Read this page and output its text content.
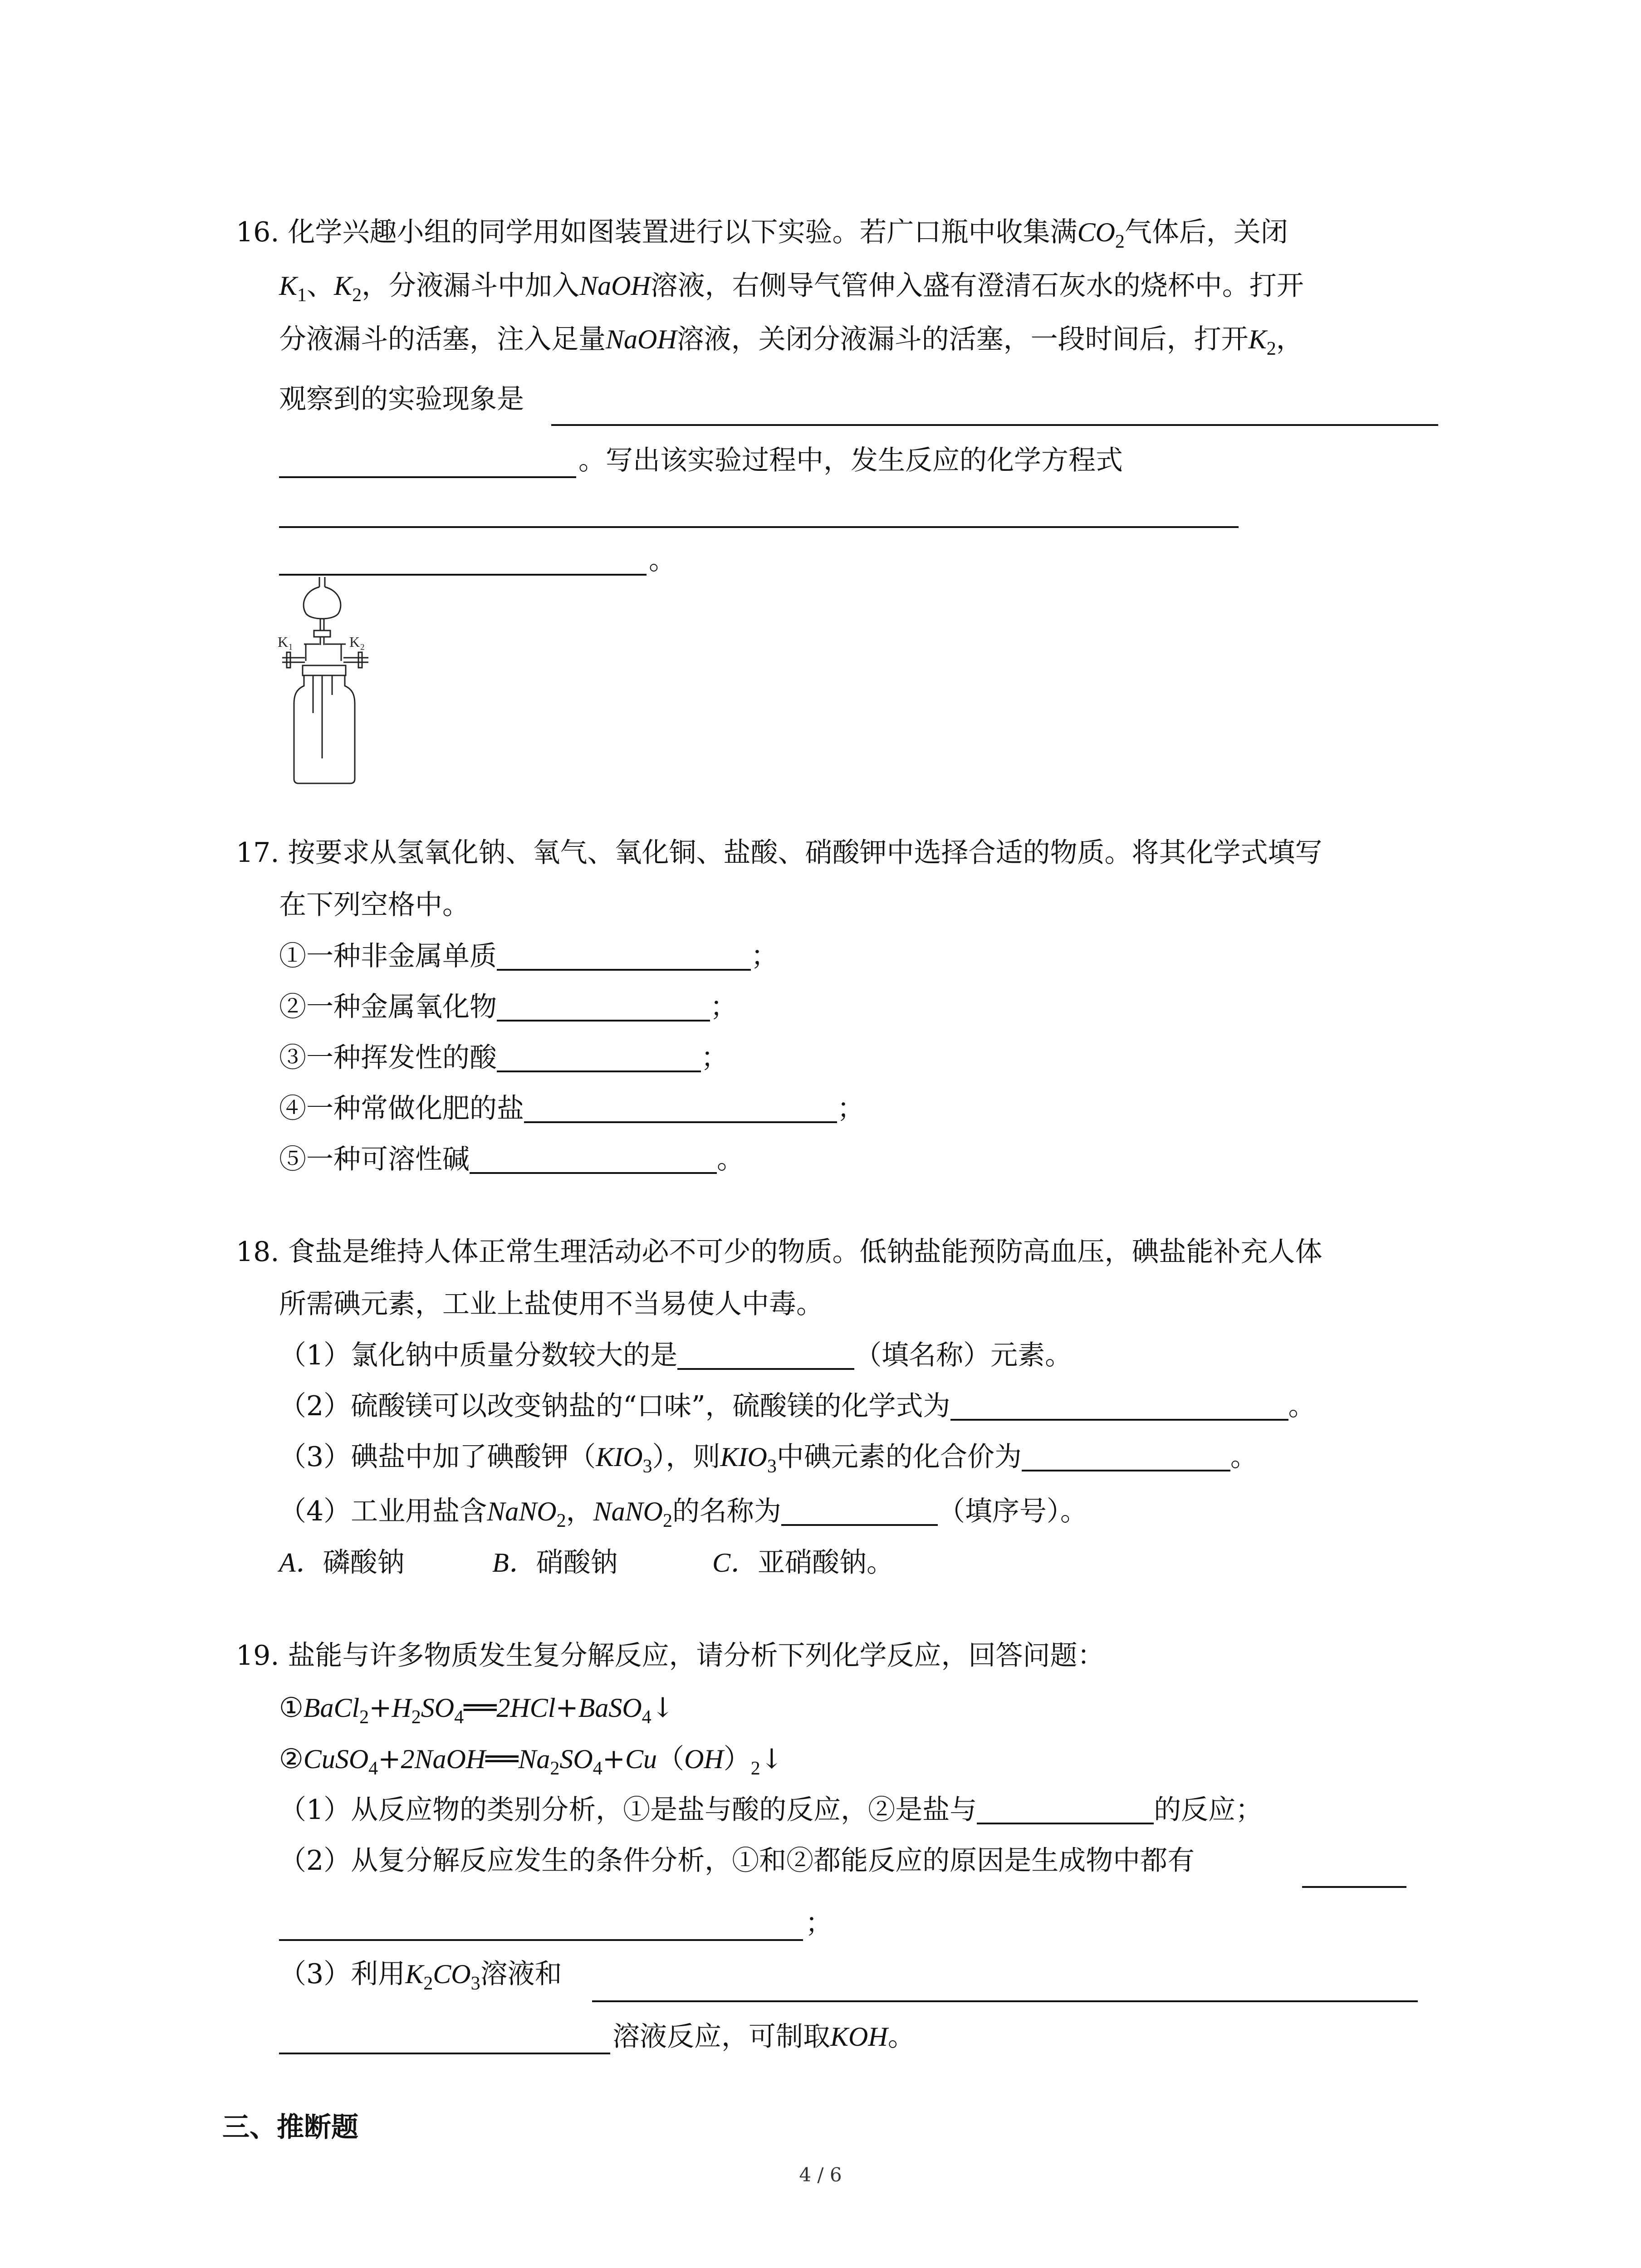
16. 化学兴趣小组的同学用如图装置进行以下实验。若广口瓶中收集满$CO_2$气体后，关闭
$K_1$、$K_2$，分液漏斗中加入NaOH溶液，右侧导气管伸入盛有澄清石灰水的烧杯中。打开
分液漏斗的活塞，注入足量NaOH溶液，关闭分液漏斗的活塞，一段时间后，打开$K_2$，
观察到的实验现象是
。写出该实验过程中，发生反应的化学方程式
。
K₁	K₂
17. 按要求从氢氧化钠、氧气、氧化铜、盐酸、硝酸钾中选择合适的物质。将其化学式填写
在下列空格中。
①一种非金属单质	；
②一种金属氧化物	；
③一种挥发性的酸	；
④一种常做化肥的盐	；
⑤一种可溶性碱	。
18. 食盐是维持人体正常生理活动必不可少的物质。低钠盐能预防高血压，碘盐能补充人体
所需碘元素，工业上盐使用不当易使人中毒。
（1）氯化钠中质量分数较大的是	（填名称）元素。
（2）硫酸镁可以改变钠盐的“口味”，硫酸镁的化学式为	。
（3）碘盐中加了碘酸钾$(KIO_3)$，则$KIO_3$中碘元素的化合价为	。
（4）工业用盐含NaNO$_2$，NaNO$_2$的名称为	（填序号）。
A．磷酸钠	B．硝酸钠	C．亚硝酸钠。
19. 盐能与许多物质发生复分解反应，请分析下列化学反应，回答问题：
$①BaCl_2+H_2SO_4══2HCl+BaSO_4↓$
$②CuSO_4+2NaOH══Na_2SO_4+Cu(OH)_2↓$
（1）从反应物的类别分析，①是盐与酸的反应，②是盐与	的反应；
（2）从复分解反应发生的条件分析，①和②都能反应的原因是生成物中都有
；
（3）利用$K_2CO_3$溶液和
溶液反应，可制取KOH。
三、推断题
4 / 6
